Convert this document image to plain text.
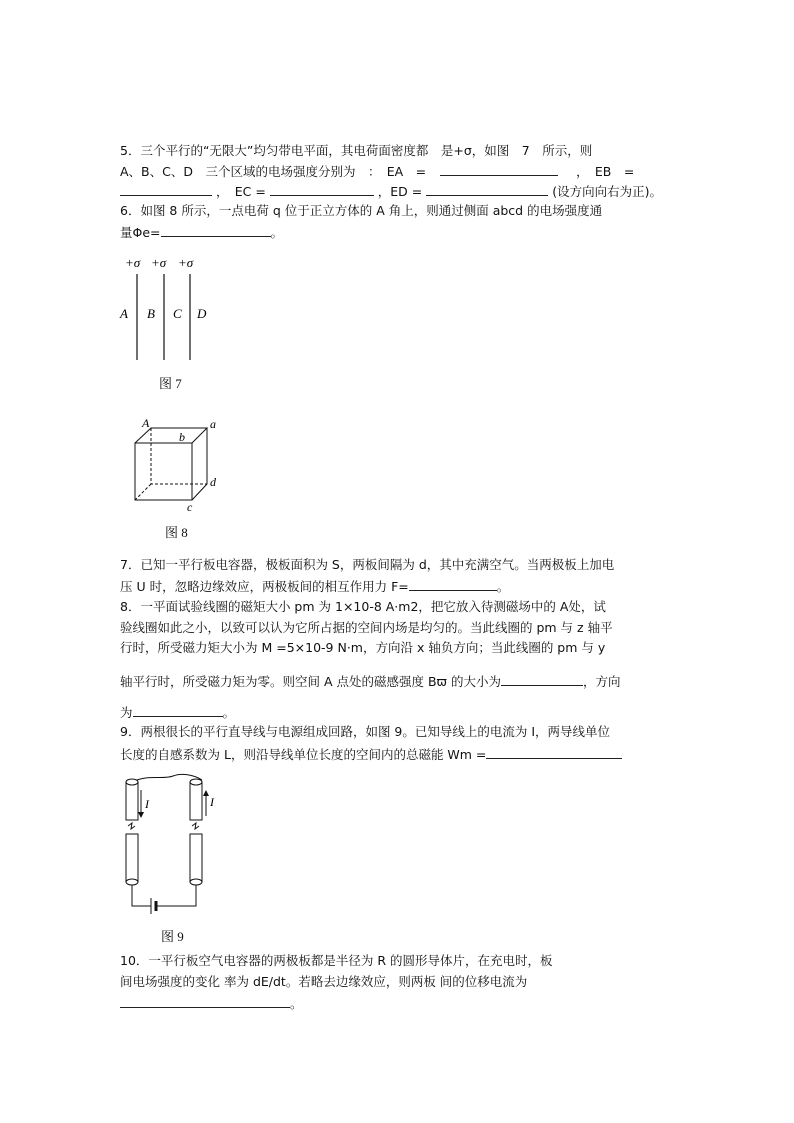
5．三个平行的“无限大”均匀带电平面，其电荷面密度都　是+σ，如图　7　所示，则
A、B、C、D　三个区域的电场强度分别为　：　EA　=	，　EB　=
，　EC =	，ED =	(设方向向右为正)。
6．如图 8 所示，一点电荷 q 位于正立方体的 A 角上，则通过侧面 abcd 的电场强度通
量Φe=	。
+σ +σ +σ
A B C D
图 7
A
b
a
d
c
图 8
7．已知一平行板电容器，极板面积为 S，两板间隔为 d，其中充满空气。当两极板上加电
压 U 时，忽略边缘效应，两极板间的相互作用力 F=	。
8．一平面试验线圈的磁矩大小 pm 为 1×10-8 A·m2，把它放入待测磁场中的 A处，试
验线圈如此之小，以致可以认为它所占据的空间内场是均匀的。当此线圈的 pm 与 z 轴平
行时，所受磁力矩大小为 M =5×10-9 N·m，方向沿 x 轴负方向；当此线圈的 pm 与 y
轴平行时，所受磁力矩为零。则空间 A 点处的磁感强度 Bϖ 的大小为	，方向
为	。
9．两根很长的平行直导线与电源组成回路，如图 9。已知导线上的电流为 I，两导线单位
长度的自感系数为 L，则沿导线单位长度的空间内的总磁能 Wm =
I	I
图 9
10．一平行板空气电容器的两极板都是半径为 R 的圆形导体片，在充电时，板
间电场强度的变化 率为 dE/dt。若略去边缘效应，则两板 间的位移电流为
。
